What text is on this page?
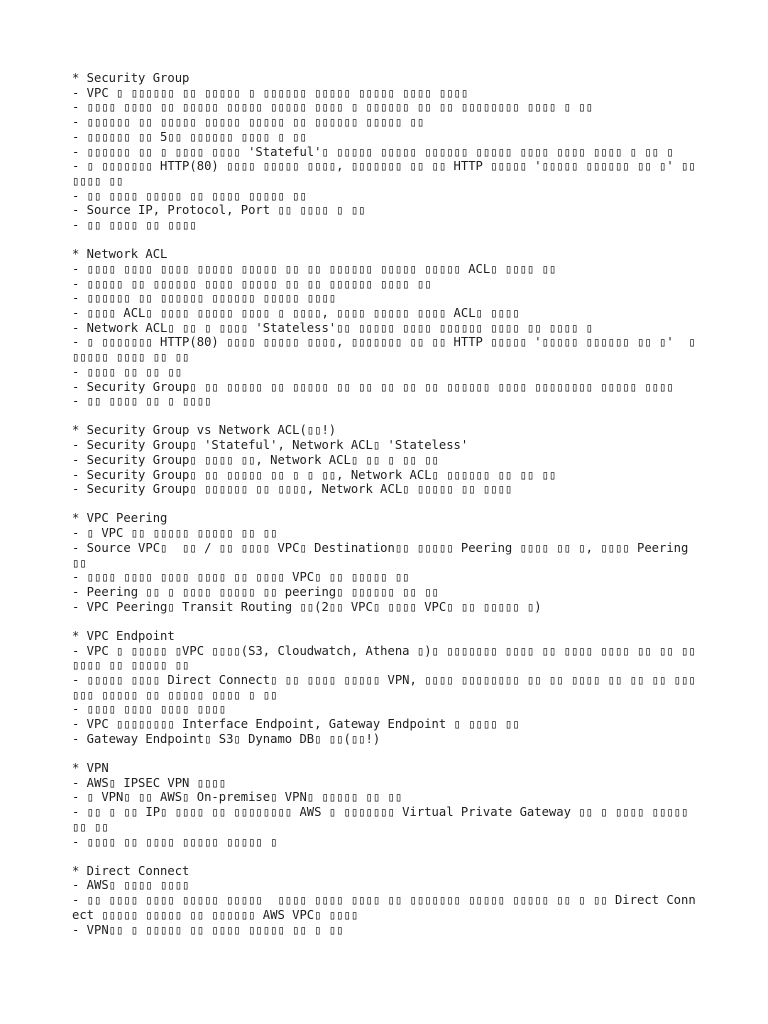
* Security Group
- VPC ▯ ▯▯▯▯▯▯ ▯▯ ▯▯▯▯▯ ▯ ▯▯▯▯▯▯ ▯▯▯▯▯ ▯▯▯▯▯ ▯▯▯▯ ▯▯▯▯
- ▯▯▯▯ ▯▯▯▯ ▯▯ ▯▯▯▯▯ ▯▯▯▯▯ ▯▯▯▯▯ ▯▯▯▯ ▯ ▯▯▯▯▯▯ ▯▯ ▯▯ ▯▯▯▯▯▯▯▯ ▯▯▯▯ ▯ ▯▯
- ▯▯▯▯▯▯ ▯▯ ▯▯▯▯▯ ▯▯▯▯▯ ▯▯▯▯▯ ▯▯ ▯▯▯▯▯▯ ▯▯▯▯▯ ▯▯
- ▯▯▯▯▯▯ ▯▯ 5▯▯ ▯▯▯▯▯▯ ▯▯▯▯ ▯ ▯▯
- ▯▯▯▯▯▯ ▯▯ ▯ ▯▯▯▯ ▯▯▯▯ 'Stateful'▯ ▯▯▯▯▯ ▯▯▯▯▯ ▯▯▯▯▯▯ ▯▯▯▯▯ ▯▯▯▯ ▯▯▯▯ ▯▯▯▯ ▯ ▯▯ ▯
- ▯ ▯▯▯▯▯▯▯ HTTP(80) ▯▯▯▯ ▯▯▯▯▯ ▯▯▯▯, ▯▯▯▯▯▯▯ ▯▯ ▯▯ HTTP ▯▯▯▯▯ '▯▯▯▯▯ ▯▯▯▯▯▯ ▯▯ ▯' ▯▯ ▯▯▯▯ ▯▯
- ▯▯ ▯▯▯▯ ▯▯▯▯▯ ▯▯ ▯▯▯▯ ▯▯▯▯▯ ▯▯
- Source IP, Protocol, Port ▯▯ ▯▯▯▯ ▯ ▯▯
- ▯▯ ▯▯▯▯ ▯▯ ▯▯▯▯
* Network ACL
- ▯▯▯▯ ▯▯▯▯ ▯▯▯▯ ▯▯▯▯▯ ▯▯▯▯▯ ▯▯ ▯▯ ▯▯▯▯▯▯ ▯▯▯▯▯ ▯▯▯▯▯ ACL▯ ▯▯▯▯ ▯▯
- ▯▯▯▯▯ ▯▯ ▯▯▯▯▯▯ ▯▯▯▯ ▯▯▯▯▯ ▯▯ ▯▯ ▯▯▯▯▯▯ ▯▯▯▯ ▯▯
- ▯▯▯▯▯▯ ▯▯ ▯▯▯▯▯▯ ▯▯▯▯▯▯ ▯▯▯▯▯ ▯▯▯▯
- ▯▯▯▯ ACL▯ ▯▯▯▯ ▯▯▯▯▯ ▯▯▯▯ ▯ ▯▯▯▯, ▯▯▯▯ ▯▯▯▯▯ ▯▯▯▯ ACL▯ ▯▯▯▯
- Network ACL▯ ▯▯ ▯ ▯▯▯▯ 'Stateless'▯▯ ▯▯▯▯▯ ▯▯▯▯ ▯▯▯▯▯▯ ▯▯▯▯ ▯▯ ▯▯▯▯ ▯
- ▯ ▯▯▯▯▯▯▯ HTTP(80) ▯▯▯▯ ▯▯▯▯▯ ▯▯▯▯, ▯▯▯▯▯▯▯ ▯▯ ▯▯ HTTP ▯▯▯▯▯ '▯▯▯▯▯ ▯▯▯▯▯▯ ▯▯ ▯'  ▯▯▯▯▯▯ ▯▯▯▯ ▯▯ ▯▯
- ▯▯▯▯ ▯▯ ▯▯ ▯▯
- Security Group▯ ▯▯ ▯▯▯▯▯ ▯▯ ▯▯▯▯▯ ▯▯ ▯▯ ▯▯ ▯▯ ▯▯ ▯▯▯▯▯▯ ▯▯▯▯ ▯▯▯▯▯▯▯▯ ▯▯▯▯▯ ▯▯▯▯
- ▯▯ ▯▯▯▯ ▯▯ ▯ ▯▯▯▯
* Security Group vs Network ACL(▯▯!)
- Security Group▯ 'Stateful', Network ACL▯ 'Stateless'
- Security Group▯ ▯▯▯▯ ▯▯, Network ACL▯ ▯▯ ▯ ▯▯ ▯▯
- Security Group▯ ▯▯ ▯▯▯▯▯ ▯▯ ▯ ▯ ▯▯, Network ACL▯ ▯▯▯▯▯▯ ▯▯ ▯▯ ▯▯
- Security Group▯ ▯▯▯▯▯▯ ▯▯ ▯▯▯▯, Network ACL▯ ▯▯▯▯▯ ▯▯ ▯▯▯▯
* VPC Peering
- ▯ VPC ▯▯ ▯▯▯▯▯ ▯▯▯▯▯ ▯▯ ▯▯
- Source VPC▯  ▯▯ / ▯▯ ▯▯▯▯ VPC▯ Destination▯▯ ▯▯▯▯▯ Peering ▯▯▯▯ ▯▯ ▯, ▯▯▯▯ Peering ▯▯
- ▯▯▯▯ ▯▯▯▯ ▯▯▯▯ ▯▯▯▯ ▯▯ ▯▯▯▯ VPC▯ ▯▯ ▯▯▯▯▯ ▯▯
- Peering ▯▯ ▯ ▯▯▯▯ ▯▯▯▯▯ ▯▯ peering▯ ▯▯▯▯▯▯ ▯▯ ▯▯
- VPC Peering▯ Transit Routing ▯▯(2▯▯ VPC▯ ▯▯▯▯ VPC▯ ▯▯ ▯▯▯▯▯ ▯)
* VPC Endpoint
- VPC ▯ ▯▯▯▯▯ ▯VPC ▯▯▯▯(S3, Cloudwatch, Athena ▯)▯ ▯▯▯▯▯▯▯ ▯▯▯▯ ▯▯ ▯▯▯▯ ▯▯▯▯ ▯▯ ▯▯ ▯▯▯▯▯▯ ▯▯ ▯▯▯▯▯ ▯▯
- ▯▯▯▯▯ ▯▯▯▯ Direct Connect▯ ▯▯ ▯▯▯▯ ▯▯▯▯▯ VPN, ▯▯▯▯ ▯▯▯▯▯▯▯▯ ▯▯ ▯▯ ▯▯▯▯ ▯▯ ▯▯ ▯▯ ▯▯▯▯▯▯ ▯▯▯▯▯ ▯▯ ▯▯▯▯▯ ▯▯▯▯ ▯ ▯▯
- ▯▯▯▯ ▯▯▯▯ ▯▯▯▯ ▯▯▯▯
- VPC ▯▯▯▯▯▯▯▯ Interface Endpoint, Gateway Endpoint ▯ ▯▯▯▯ ▯▯
- Gateway Endpoint▯ S3▯ Dynamo DB▯ ▯▯(▯▯!)
* VPN
- AWS▯ IPSEC VPN ▯▯▯▯
- ▯ VPN▯ ▯▯ AWS▯ On-premise▯ VPN▯ ▯▯▯▯▯ ▯▯ ▯▯
- ▯▯ ▯ ▯▯ IP▯ ▯▯▯▯ ▯▯ ▯▯▯▯▯▯▯▯ AWS ▯ ▯▯▯▯▯▯▯ Virtual Private Gateway ▯▯ ▯ ▯▯▯▯ ▯▯▯▯▯ ▯▯ ▯▯
- ▯▯▯▯ ▯▯ ▯▯▯▯ ▯▯▯▯▯ ▯▯▯▯▯ ▯
* Direct Connect
- AWS▯ ▯▯▯▯ ▯▯▯▯
- ▯▯ ▯▯▯▯ ▯▯▯▯ ▯▯▯▯▯ ▯▯▯▯▯  ▯▯▯▯ ▯▯▯▯ ▯▯▯▯ ▯▯ ▯▯▯▯▯▯▯ ▯▯▯▯▯ ▯▯▯▯▯ ▯▯ ▯ ▯▯ Direct Connect ▯▯▯▯▯ ▯▯▯▯▯ ▯▯ ▯▯▯▯▯▯ AWS VPC▯ ▯▯▯▯
- VPN▯▯ ▯ ▯▯▯▯▯ ▯▯ ▯▯▯▯ ▯▯▯▯▯ ▯▯ ▯ ▯▯
